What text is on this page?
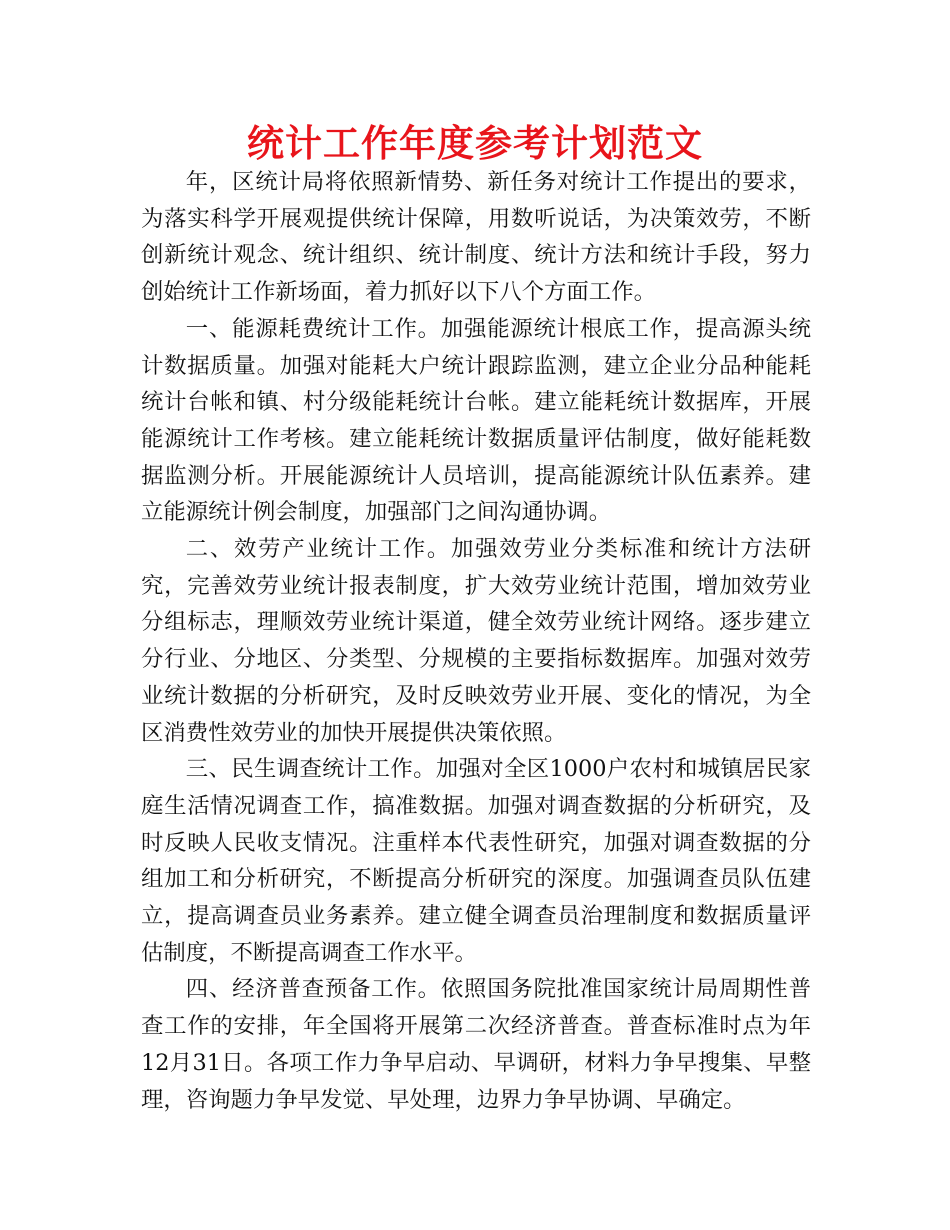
统计工作年度参考计划范文

年，区统计局将依照新情势、新任务对统计工作提出的要求，为落实科学开展观提供统计保障，用数听说话，为决策效劳，不断创新统计观念、统计组织、统计制度、统计方法和统计手段，努力创始统计工作新场面，着力抓好以下八个方面工作。

一、能源耗费统计工作。加强能源统计根底工作，提高源头统计数据质量。加强对能耗大户统计跟踪监测，建立企业分品种能耗统计台帐和镇、村分级能耗统计台帐。建立能耗统计数据库，开展能源统计工作考核。建立能耗统计数据质量评估制度，做好能耗数据监测分析。开展能源统计人员培训，提高能源统计队伍素养。建立能源统计例会制度，加强部门之间沟通协调。

二、效劳产业统计工作。加强效劳业分类标准和统计方法研究，完善效劳业统计报表制度，扩大效劳业统计范围，增加效劳业分组标志，理顺效劳业统计渠道，健全效劳业统计网络。逐步建立分行业、分地区、分类型、分规模的主要指标数据库。加强对效劳业统计数据的分析研究，及时反映效劳业开展、变化的情况，为全区消费性效劳业的加快开展提供决策依照。

三、民生调查统计工作。加强对全区1000户农村和城镇居民家庭生活情况调查工作，搞准数据。加强对调查数据的分析研究，及时反映人民收支情况。注重样本代表性研究，加强对调查数据的分组加工和分析研究，不断提高分析研究的深度。加强调查员队伍建立，提高调查员业务素养。建立健全调查员治理制度和数据质量评估制度，不断提高调查工作水平。

四、经济普查预备工作。依照国务院批准国家统计局周期性普查工作的安排，年全国将开展第二次经济普查。普查标准时点为年12月31日。各项工作力争早启动、早调研，材料力争早搜集、早整理，咨询题力争早发觉、早处理，边界力争早协调、早确定。
